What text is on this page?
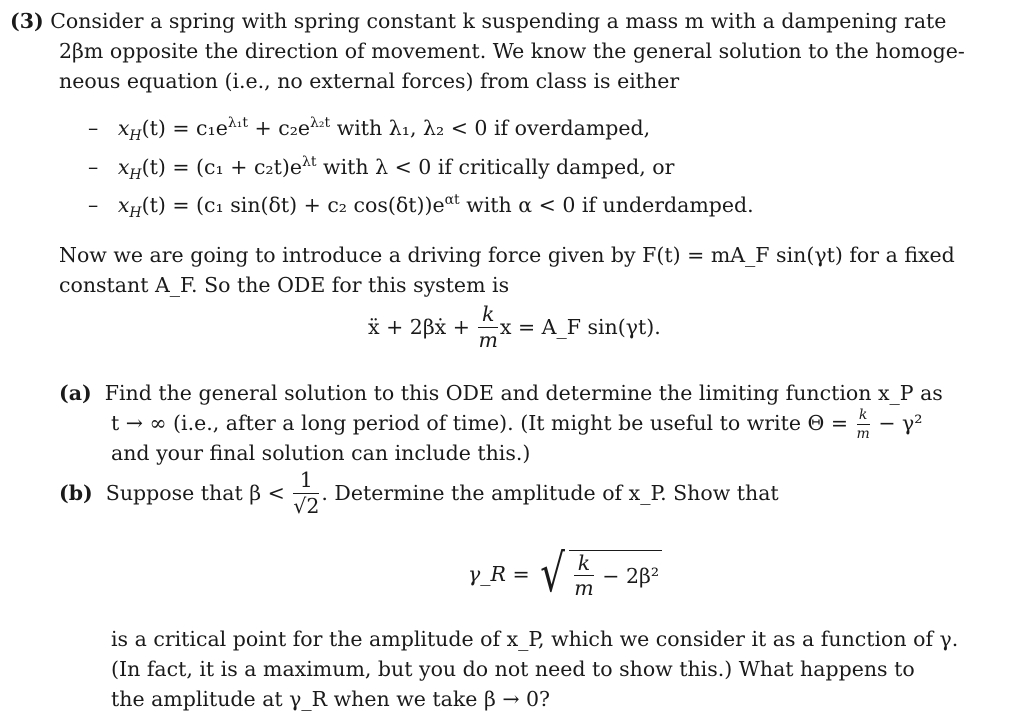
(3) Consider a spring with spring constant k suspending a mass m with a dampening rate
2βm opposite the direction of movement. We know the general solution to the homoge-
neous equation (i.e., no external forces) from class is either
– $x_H(t) = c_1e^{\lambda_1t} + c_2e^{\lambda_2t}$ with λ₁, λ₂ < 0 if overdamped,
– $x_H(t) = (c_1 + c_2t)e^{\lambda t}$ with λ < 0 if critically damped, or
– $x_H(t) = (c_1$ sin(δt) + c₂ $\cos(\delta t))e^{\alpha t}$ with α < 0 if underdamped.
Now we are going to introduce a driving force given by F(t) = mA_F sin(γt) for a fixed
constant A_F. So the ODE for this system is
ẍ + 2βẋ + $\frac{k}{m}$ x = A_F sin(γt).
(a) Find the general solution to this ODE and determine the limiting function x_P as
t → ∞ (i.e., after a long period of time). (It might be useful to write $\Theta = \frac{k}{m} - \gamma^2$
and your final solution can include this.)
(b) Suppose that $\beta < \frac{1}{√2}$ . Determine the amplitude of x_P. Show that
γ_R = √ $\frac{k}{m} - 2\beta^2$
is a critical point for the amplitude of x_P, which we consider it as a function of γ.
(In fact, it is a maximum, but you do not need to show this.) What happens to
the amplitude at γ_R when we take β → 0?
